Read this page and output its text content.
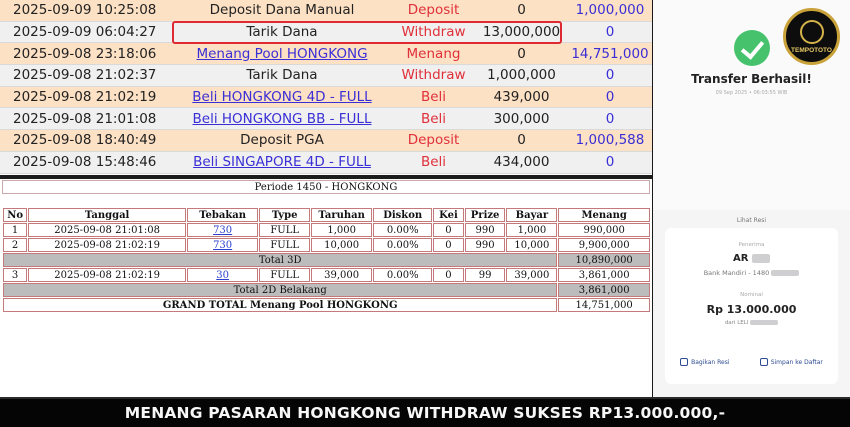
2025-09-09 10:25:08	Deposit Dana Manual	Deposit	0	1,000,000
2025-09-09 06:04:27	Tarik Dana	Withdraw	13,000,000	0
2025-09-08 23:18:06	Menang Pool HONGKONG	Menang	0	14,751,000
2025-09-08 21:02:37	Tarik Dana	Withdraw	1,000,000	0
2025-09-08 21:02:19	Beli HONGKONG 4D - FULL	Beli	439,000	0
2025-09-08 21:01:08	Beli HONGKONG BB - FULL	Beli	300,000	0
2025-09-08 18:40:49	Deposit PGA	Deposit	0	1,000,588
2025-09-08 15:48:46	Beli SINGAPORE 4D - FULL	Beli	434,000	0
Periode 1450 - HONGKONG
No	Tanggal	Tebakan	Type	Taruhan	Diskon	Kei	Prize	Bayar	Menang
1	2025-09-08 21:01:08	730	FULL	1,000	0.00%	0	990	1,000	990,000
2	2025-09-08 21:02:19	730	FULL	10,000	0.00%	0	990	10,000	9,900,000
Total 3D									10,890,000
3	2025-09-08 21:02:19	30	FULL	39,000	0.00%	0	99	39,000	3,861,000
Total 2D Belakang									3,861,000
GRAND TOTAL Menang Pool HONGKONG									14,751,000
TEMPOTOTO
Transfer Berhasil!
09 Sep 2025 • 06:03:55 WIB
Lihat Resi
Penerima
AR
Bank Mandiri - 1480
Nominal
Rp 13.000.000
dari LELI
Bagikan Resi	Simpan ke Daftar
MENANG PASARAN HONGKONG WITHDRAW SUKSES RP13.000.000,-
